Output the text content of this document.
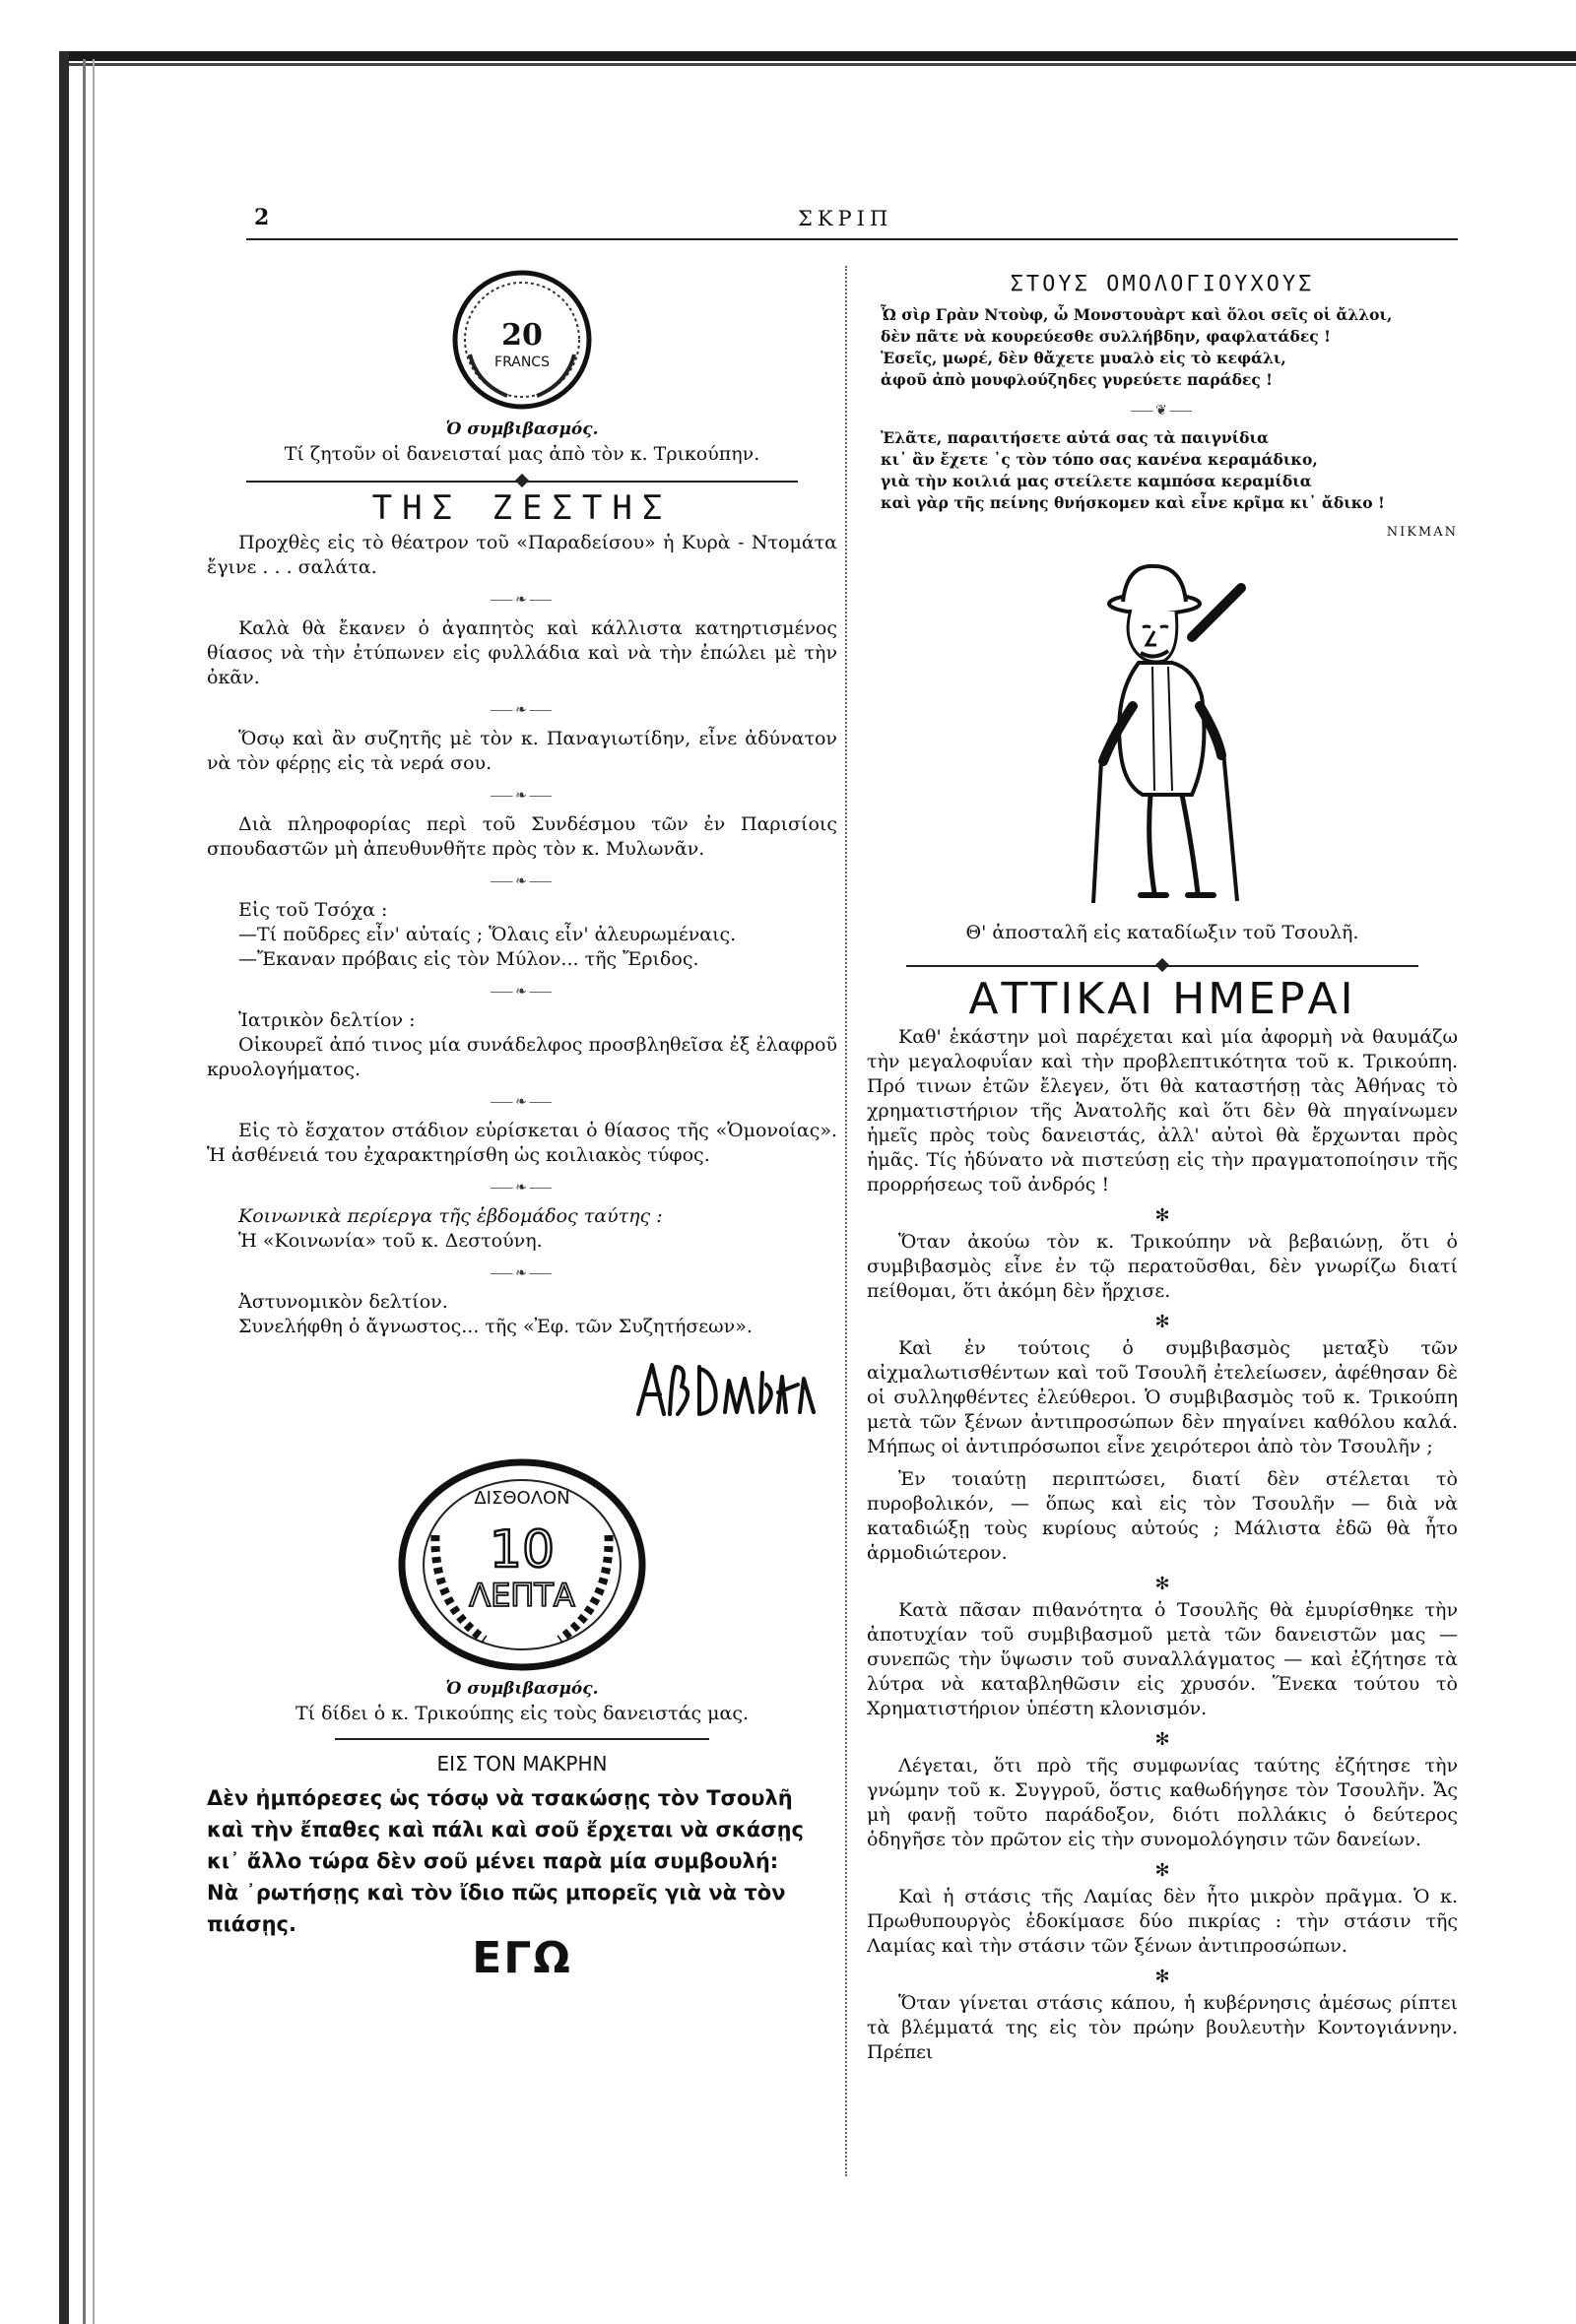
2	ΣΚΡΙΠ
20
FRANCS

Ὁ συμβιβασμός.

Τί ζητοῦν οἱ δανεισταί μας ἀπὸ τὸν κ. Τρικούπην.

ΤΗΣ ΖΕΣΤΗΣ

Προχθὲς εἰς τὸ θέατρον τοῦ «Παραδείσου» ἡ Κυρὰ - Ντομάτα ἔγινε . . . σαλάτα.

⸺❧⸺

Καλὰ θὰ ἔκανεν ὁ ἀγαπητὸς καὶ κάλλιστα κατηρτισμένος θίασος νὰ τὴν ἐτύπωνεν εἰς φυλλάδια καὶ νὰ τὴν ἐπώλει μὲ τὴν ὀκᾶν.

⸺❧⸺

Ὅσῳ καὶ ἂν συζητῆς μὲ τὸν κ. Παναγιωτίδην, εἶνε ἀδύνατον νὰ τὸν φέρῃς εἰς τὰ νερά σου.

⸺❧⸺

Διὰ πληροφορίας περὶ τοῦ Συνδέσμου τῶν ἐν Παρισίοις σπουδαστῶν μὴ ἀπευθυνθῆτε πρὸς τὸν κ. Μυλωνᾶν.

⸺❧⸺

Εἰς τοῦ Τσόχα :

—Τί ποῦδρες εἶν' αὐταίς ; Ὅλαις εἶν' ἀλευρωμέναις.

—Ἔκαναν πρόβαις εἰς τὸν Μύλον... τῆς Ἔριδος.

⸺❧⸺

Ἰατρικὸν δελτίον :

Οἰκουρεῖ ἀπό τινος μία συνάδελφος προσβληθεῖσα ἐξ ἐλαφροῦ κρυολογήματος.

⸺❧⸺

Εἰς τὸ ἔσχατον στάδιον εὑρίσκεται ὁ θίασος τῆς «Ὁμονοίας». Ἡ ἀσθένειά του ἐχαρακτηρίσθη ὡς κοιλιακὸς τύφος.

⸺❧⸺

Κοινωνικὰ περίεργα τῆς ἑβδομάδος ταύτης :

Ἡ «Κοινωνία» τοῦ κ. Δεστούνη.

⸺❧⸺

Ἀστυνομικὸν δελτίον.

Συνελήφθη ὁ ἄγνωστος... τῆς «Ἐφ. τῶν Συζητήσεων».

ΔΙΣΘΟΛΟΝ
10
ΛΕΠΤΑ

Ὁ συμβιβασμός.

Τί δίδει ὁ κ. Τρικούπης εἰς τοὺς δανειστάς μας.

ΕΙΣ ΤΟΝ ΜΑΚΡΗΝ

Δὲν ἠμπόρεσες ὡς τόσῳ νὰ τσακώσῃς τὸν Τσουλῆ

καὶ τὴν ἔπαθες καὶ πάλι καὶ σοῦ ἔρχεται νὰ σκάσῃς

κι᾽ ἄλλο τώρα δὲν σοῦ μένει παρὰ μία συμβουλή:

Νὰ ᾿ρωτήσῃς καὶ τὸν ἴδιο πῶς μπορεῖς γιὰ νὰ τὸν πιάσῃς.

ΕΓΩ
ΣΤΟΥΣ ΟΜΟΛΟΓΙΟΥΧΟΥΣ

Ὦ σὶρ Γρὰν Ντοὺφ, ὦ Μονστουὰρτ καὶ ὅλοι σεῖς οἱ ἄλλοι,

δὲν πᾶτε νὰ κουρεύεσθε συλλήβδην, φαφλατάδες !

Ἐσεῖς, μωρέ, δὲν θἄχετε μυαλὸ εἰς τὸ κεφάλι,

ἀφοῦ ἀπὸ μουφλούζηδες γυρεύετε παράδες !

⸺❦⸺

Ἐλᾶτε, παραιτήσετε αὐτά σας τὰ παιγνίδια

κι᾽ ἂν ἔχετε ᾿ς τὸν τόπο σας κανένα κεραμάδικο,

γιὰ τὴν κοιλιά μας στείλετε καμπόσα κεραμίδια

καὶ γὰρ τῆς πείνης θνήσκομεν καὶ εἶνε κρῖμα κι᾽ ἄδικο !

ΝΙΚΜΑΝ

Θ' ἀποσταλῆ εἰς καταδίωξιν τοῦ Τσουλῆ.

ΑΤΤΙΚΑΙ ΗΜΕΡΑΙ

Καθ' ἑκάστην μοὶ παρέχεται καὶ μία ἀφορμὴ νὰ θαυμάζω τὴν μεγαλοφυΐαν καὶ τὴν προβλεπτικότητα τοῦ κ. Τρικούπη. Πρό τινων ἐτῶν ἔλεγεν, ὅτι θὰ καταστήσῃ τὰς Ἀθήνας τὸ χρηματιστήριον τῆς Ἀνατολῆς καὶ ὅτι δὲν θὰ πηγαίνωμεν ἡμεῖς πρὸς τοὺς δανειστάς, ἀλλ' αὐτοὶ θὰ ἔρχωνται πρὸς ἡμᾶς. Τίς ἠδύνατο νὰ πιστεύσῃ εἰς τὴν πραγματοποίησιν τῆς προρρήσεως τοῦ ἀνδρός !

✻

Ὅταν ἀκούω τὸν κ. Τρικούπην νὰ βεβαιώνῃ, ὅτι ὁ συμβιβασμὸς εἶνε ἐν τῷ περατοῦσθαι, δὲν γνωρίζω διατί πείθομαι, ὅτι ἀκόμη δὲν ἤρχισε.

✻

Καὶ ἐν τούτοις ὁ συμβιβασμὸς μεταξὺ τῶν αἰχμαλωτισθέντων καὶ τοῦ Τσουλῆ ἐτελείωσεν, ἀφέθησαν δὲ οἱ συλληφθέντες ἐλεύθεροι. Ὁ συμβιβασμὸς τοῦ κ. Τρικούπη μετὰ τῶν ξένων ἀντιπροσώπων δὲν πηγαίνει καθόλου καλά. Μήπως οἱ ἀντιπρόσωποι εἶνε χειρότεροι ἀπὸ τὸν Τσουλῆν ;

Ἐν τοιαύτῃ περιπτώσει, διατί δὲν στέλεται τὸ πυροβολικόν, — ὅπως καὶ εἰς τὸν Τσουλῆν — διὰ νὰ καταδιώξῃ τοὺς κυρίους αὐτούς ; Μάλιστα ἐδῶ θὰ ἦτο ἁρμοδιώτερον.

✻

Κατὰ πᾶσαν πιθανότητα ὁ Τσουλῆς θὰ ἐμυρίσθηκε τὴν ἀποτυχίαν τοῦ συμβιβασμοῦ μετὰ τῶν δανειστῶν μας — συνεπῶς τὴν ὕψωσιν τοῦ συναλλάγματος — καὶ ἐζήτησε τὰ λύτρα νὰ καταβληθῶσιν εἰς χρυσόν. Ἕνεκα τούτου τὸ Χρηματιστήριον ὑπέστη κλονισμόν.

✻

Λέγεται, ὅτι πρὸ τῆς συμφωνίας ταύτης ἐζήτησε τὴν γνώμην τοῦ κ. Συγγροῦ, ὅστις καθωδήγησε τὸν Τσουλῆν. Ἄς μὴ φανῇ τοῦτο παράδοξον, διότι πολλάκις ὁ δεύτερος ὁδηγῆσε τὸν πρῶτον εἰς τὴν συνομολόγησιν τῶν δανείων.

✻

Καὶ ἡ στάσις τῆς Λαμίας δὲν ἦτο μικρὸν πρᾶγμα. Ὁ κ. Πρωθυπουργὸς ἐδοκίμασε δύο πικρίας : τὴν στάσιν τῆς Λαμίας καὶ τὴν στάσιν τῶν ξένων ἀντιπροσώπων.

✻

Ὅταν γίνεται στάσις κάπου, ἡ κυβέρνησις ἀμέσως ρίπτει τὰ βλέμματά της εἰς τὸν πρώην βουλευτὴν Κοντογιάννην. Πρέπει
